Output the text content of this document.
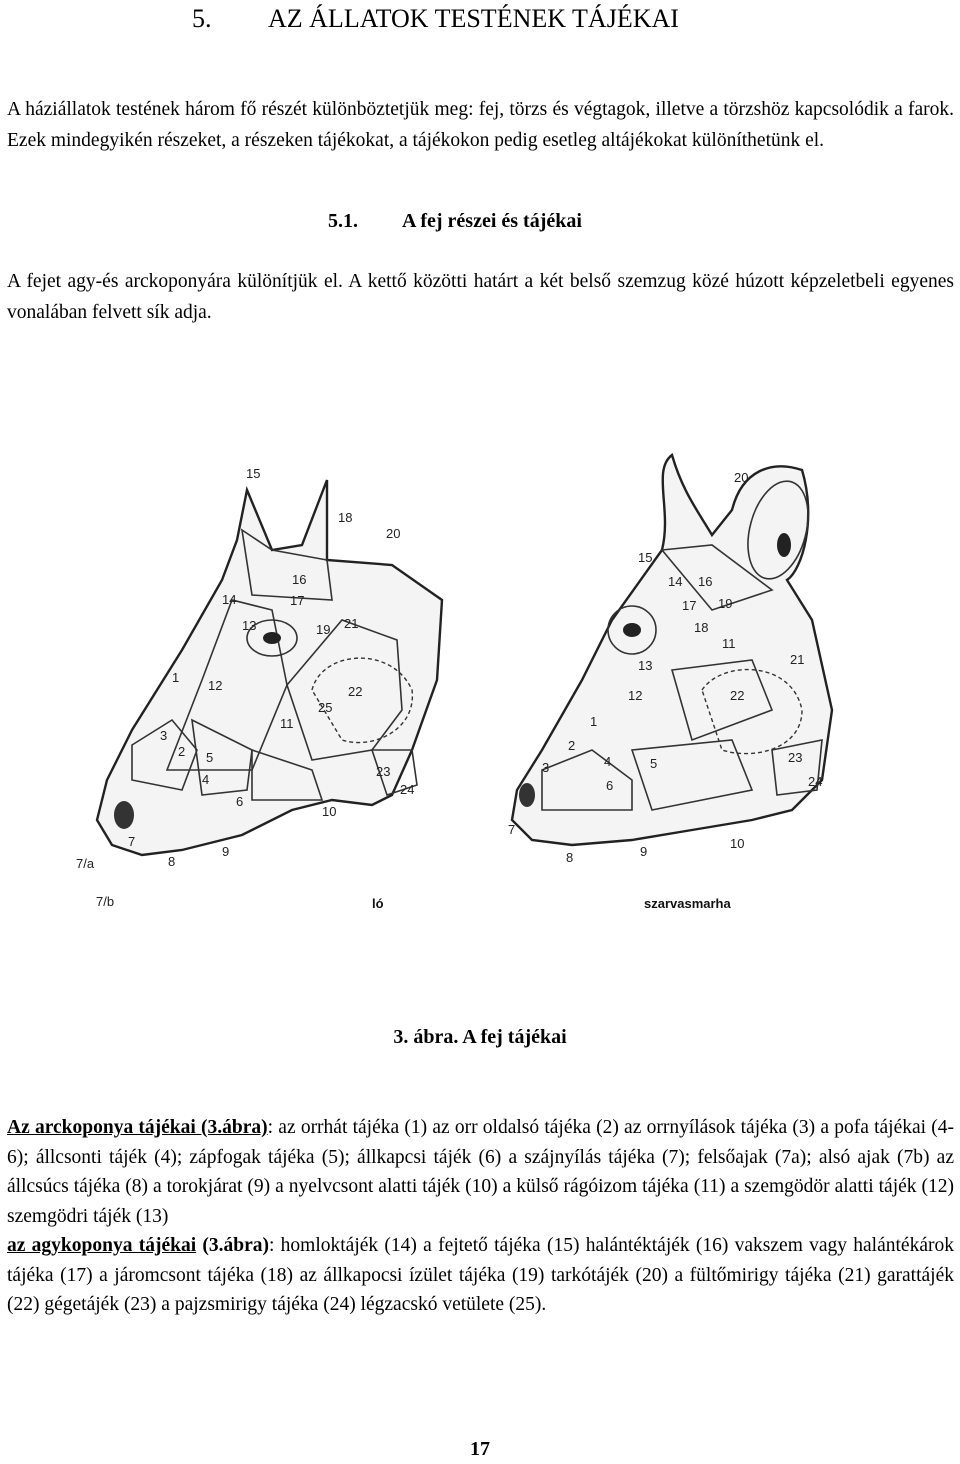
5. AZ ÁLLATOK TESTÉNEK TÁJÉKAI

A háziállatok testének három fő részét különböztetjük meg: fej, törzs és végtagok, illetve a törzshöz kapcsolódik a farok. Ezek mindegyikén részeket, a részeken tájékokat, a tájékokon pedig esetleg altájékokat különíthetünk el.

5.1. A fej részei és tájékai

A fejet agy-és arckoponyára különítjük el. A kettő közötti határt a két belső szemzug közé húzott képzeletbeli egyenes vonalában felvett sík adja.

15
18
20
16
14	17
13	19 21
1
12	22
25
11
3
2 5
4
23
24
6
10
7
9
8
7/a
7/b	ló
20
15
14 16
17 19
18
11
21
13
12	22
1
2
3	4	5
6
23
24
7
8	9
10
szarvasmarha

3. ábra. A fej tájékai

Az arckoponya tájékai (3.ábra): az orrhát tájéka (1) az orr oldalsó tájéka (2) az orrnyílások tájéka (3) a pofa tájékai (4-6); állcsonti tájék (4); zápfogak tájéka (5); állkapcsi tájék (6) a szájnyílás tájéka (7); felsőajak (7a); alsó ajak (7b) az állcsúcs tájéka (8) a torokjárat (9) a nyelvcsont alatti tájék (10) a külső rágóizom tájéka (11) a szemgödör alatti tájék (12) szemgödri tájék (13)
az agykoponya tájékai (3.ábra): homloktájék (14) a fejtető tájéka (15) halántéktájék (16) vakszem vagy halántékárok tájéka (17) a járomcsont tájéka (18) az állkapocsi ízület tájéka (19) tarkótájék (20) a fültőmirigy tájéka (21) garattájék (22) gégetájék (23) a pajzsmirigy tájéka (24) légzacskó vetülete (25).

17
